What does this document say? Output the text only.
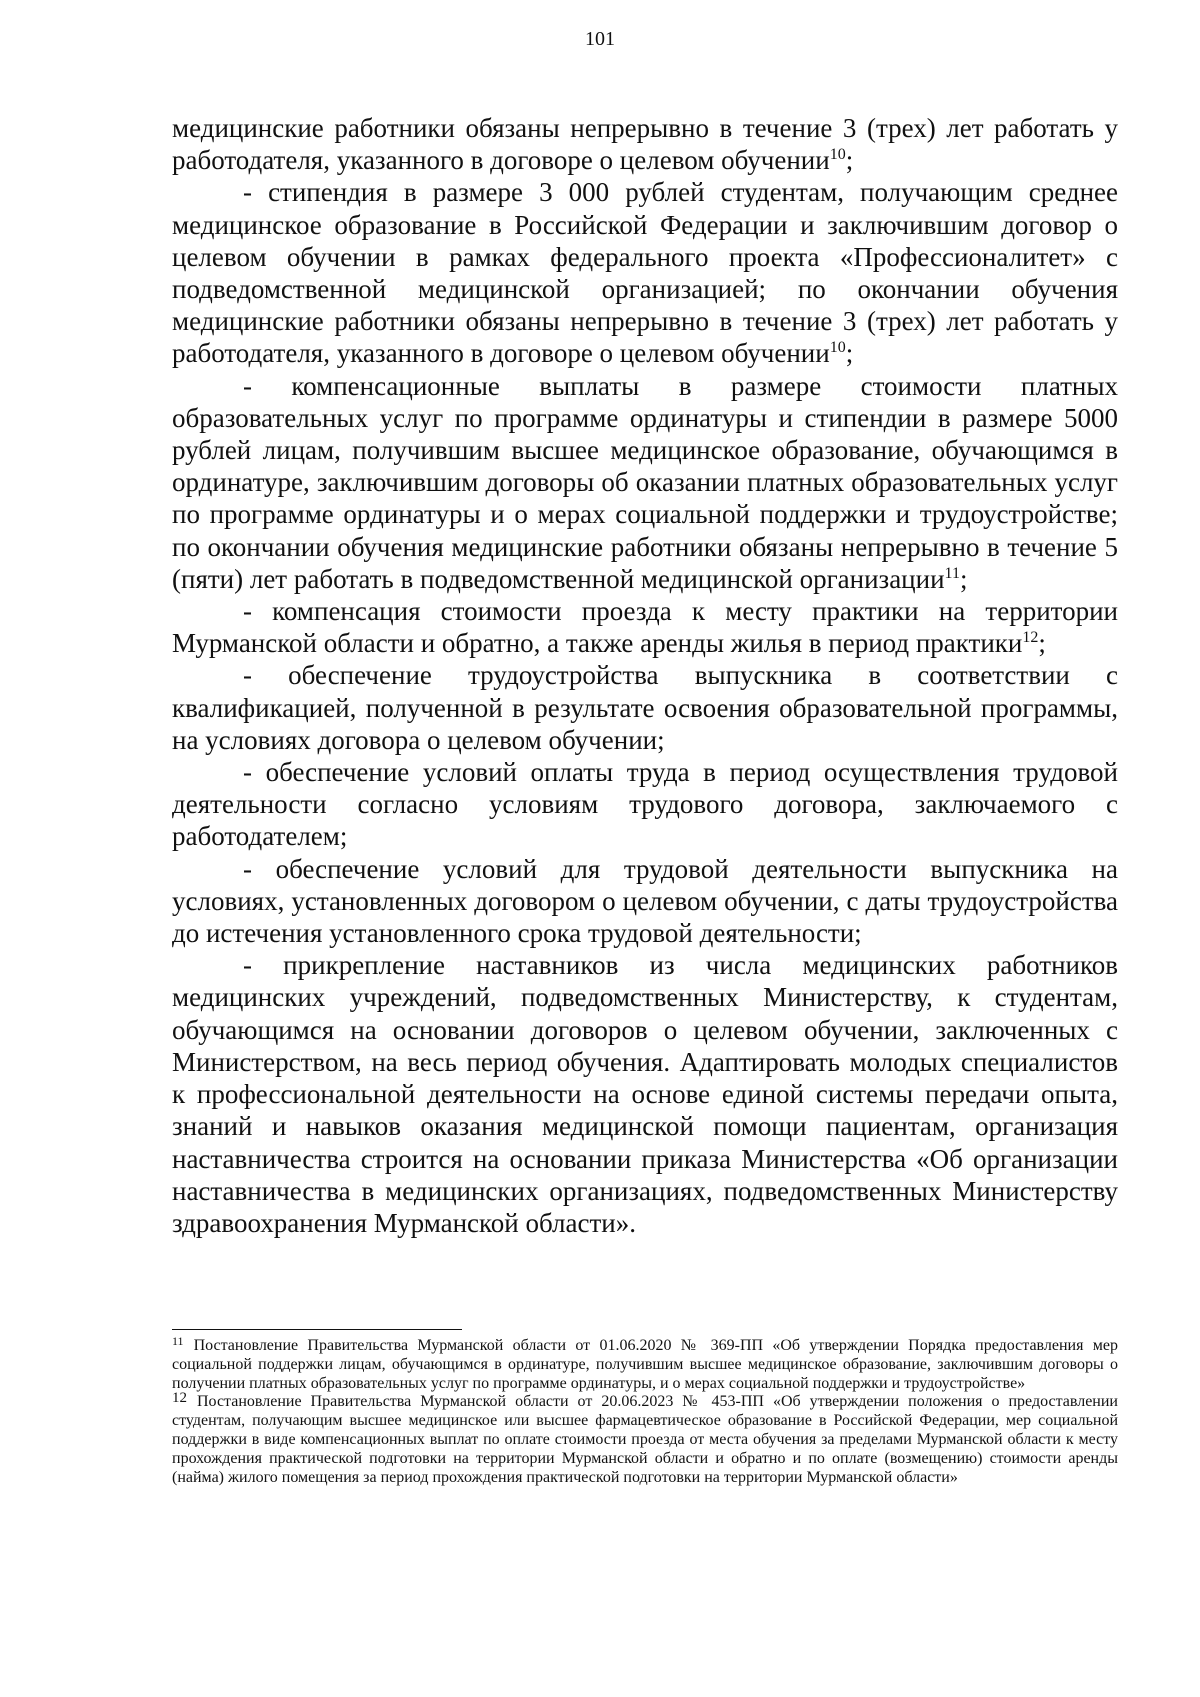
101

медицинские работники обязаны непрерывно в течение 3 (трех) лет работать у работодателя, указанного в договоре о целевом обучении$^{10}$;

- стипендия в размере 3 000 рублей студентам, получающим среднее медицинское образование в Российской Федерации и заключившим договор о целевом обучении в рамках федерального проекта «Профессионалитет» с подведомственной медицинской организацией; по окончании обучения медицинские работники обязаны непрерывно в течение 3 (трех) лет работать у работодателя, указанного в договоре о целевом обучении$^{10}$;

- компенсационные выплаты в размере стоимости платных образовательных услуг по программе ординатуры и стипендии в размере 5000 рублей лицам, получившим высшее медицинское образование, обучающимся в ординатуре, заключившим договоры об оказании платных образовательных услуг по программе ординатуры и о мерах социальной поддержки и трудоустройстве; по окончании обучения медицинские работники обязаны непрерывно в течение 5 (пяти) лет работать в подведомственной медицинской организации$^{11}$;

- компенсация стоимости проезда к месту практики на территории Мурманской области и обратно, а также аренды жилья в период практики$^{12}$;

- обеспечение трудоустройства выпускника в соответствии с квалификацией, полученной в результате освоения образовательной программы, на условиях договора о целевом обучении;

- обеспечение условий оплаты труда в период осуществления трудовой деятельности согласно условиям трудового договора, заключаемого с работодателем;

- обеспечение условий для трудовой деятельности выпускника на условиях, установленных договором о целевом обучении, с даты трудоустройства до истечения установленного срока трудовой деятельности;

- прикрепление наставников из числа медицинских работников медицинских учреждений, подведомственных Министерству, к студентам, обучающимся на основании договоров о целевом обучении, заключенных с Министерством, на весь период обучения. Адаптировать молодых специалистов к профессиональной деятельности на основе единой системы передачи опыта, знаний и навыков оказания медицинской помощи пациентам, организация наставничества строится на основании приказа Министерства «Об организации наставничества в медицинских организациях, подведомственных Министерству здравоохранения Мурманской области».

$^{11}$ Постановление Правительства Мурманской области от 01.06.2020 № 369-ПП «Об утверждении Порядка предоставления мер социальной поддержки лицам, обучающимся в ординатуре, получившим высшее медицинское образование, заключившим договоры о получении платных образовательных услуг по программе ординатуры, и о мерах социальной поддержки и трудоустройстве»

12 Постановление Правительства Мурманской области от 20.06.2023 № 453-ПП «Об утверждении положения о предоставлении студентам, получающим высшее медицинское или высшее фармацевтическое образование в Российской Федерации, мер социальной поддержки в виде компенсационных выплат по оплате стоимости проезда от места обучения за пределами Мурманской области к месту прохождения практической подготовки на территории Мурманской области и обратно и по оплате (возмещению) стоимости аренды (найма) жилого помещения за период прохождения практической подготовки на территории Мурманской области»
